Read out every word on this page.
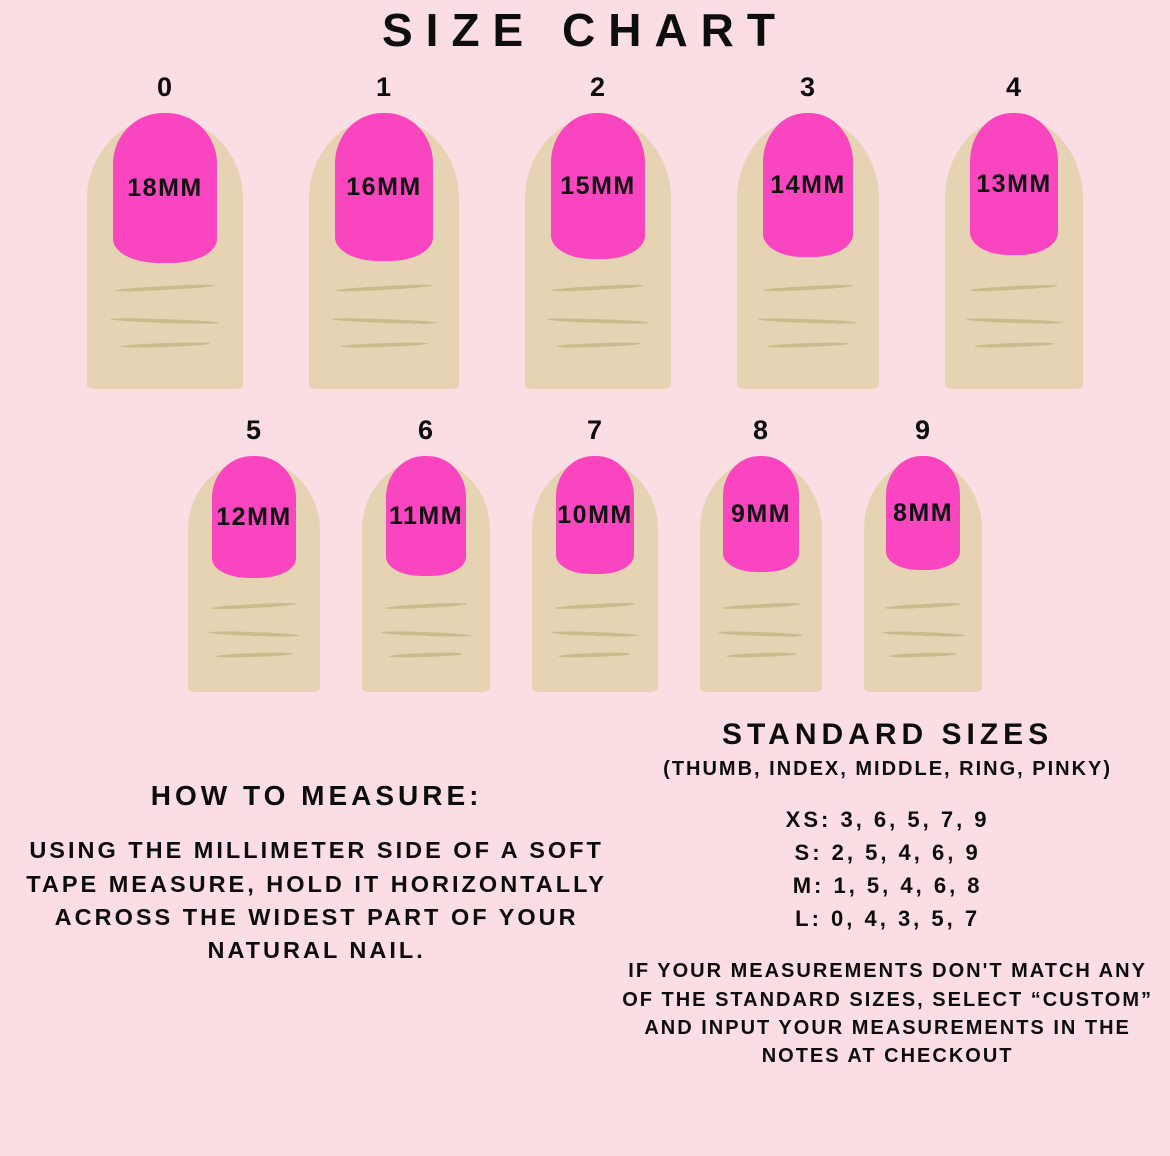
SIZE CHART
0
18MM
1
16MM
2
15MM
3
14MM
4
13MM
5
12MM
6
11MM
7
10MM
8
9MM
9
8MM
HOW TO MEASURE:
USING THE MILLIMETER SIDE OF A SOFT TAPE MEASURE, HOLD IT HORIZONTALLY ACROSS THE WIDEST PART OF YOUR NATURAL NAIL.
STANDARD SIZES
(THUMB, INDEX, MIDDLE, RING, PINKY)
XS: 3, 6, 5, 7, 9
S: 2, 5, 4, 6, 9
M: 1, 5, 4, 6, 8
L: 0, 4, 3, 5, 7
IF YOUR MEASUREMENTS DON'T MATCH ANY OF THE STANDARD SIZES, SELECT “CUSTOM” AND INPUT YOUR MEASUREMENTS IN THE NOTES AT CHECKOUT
